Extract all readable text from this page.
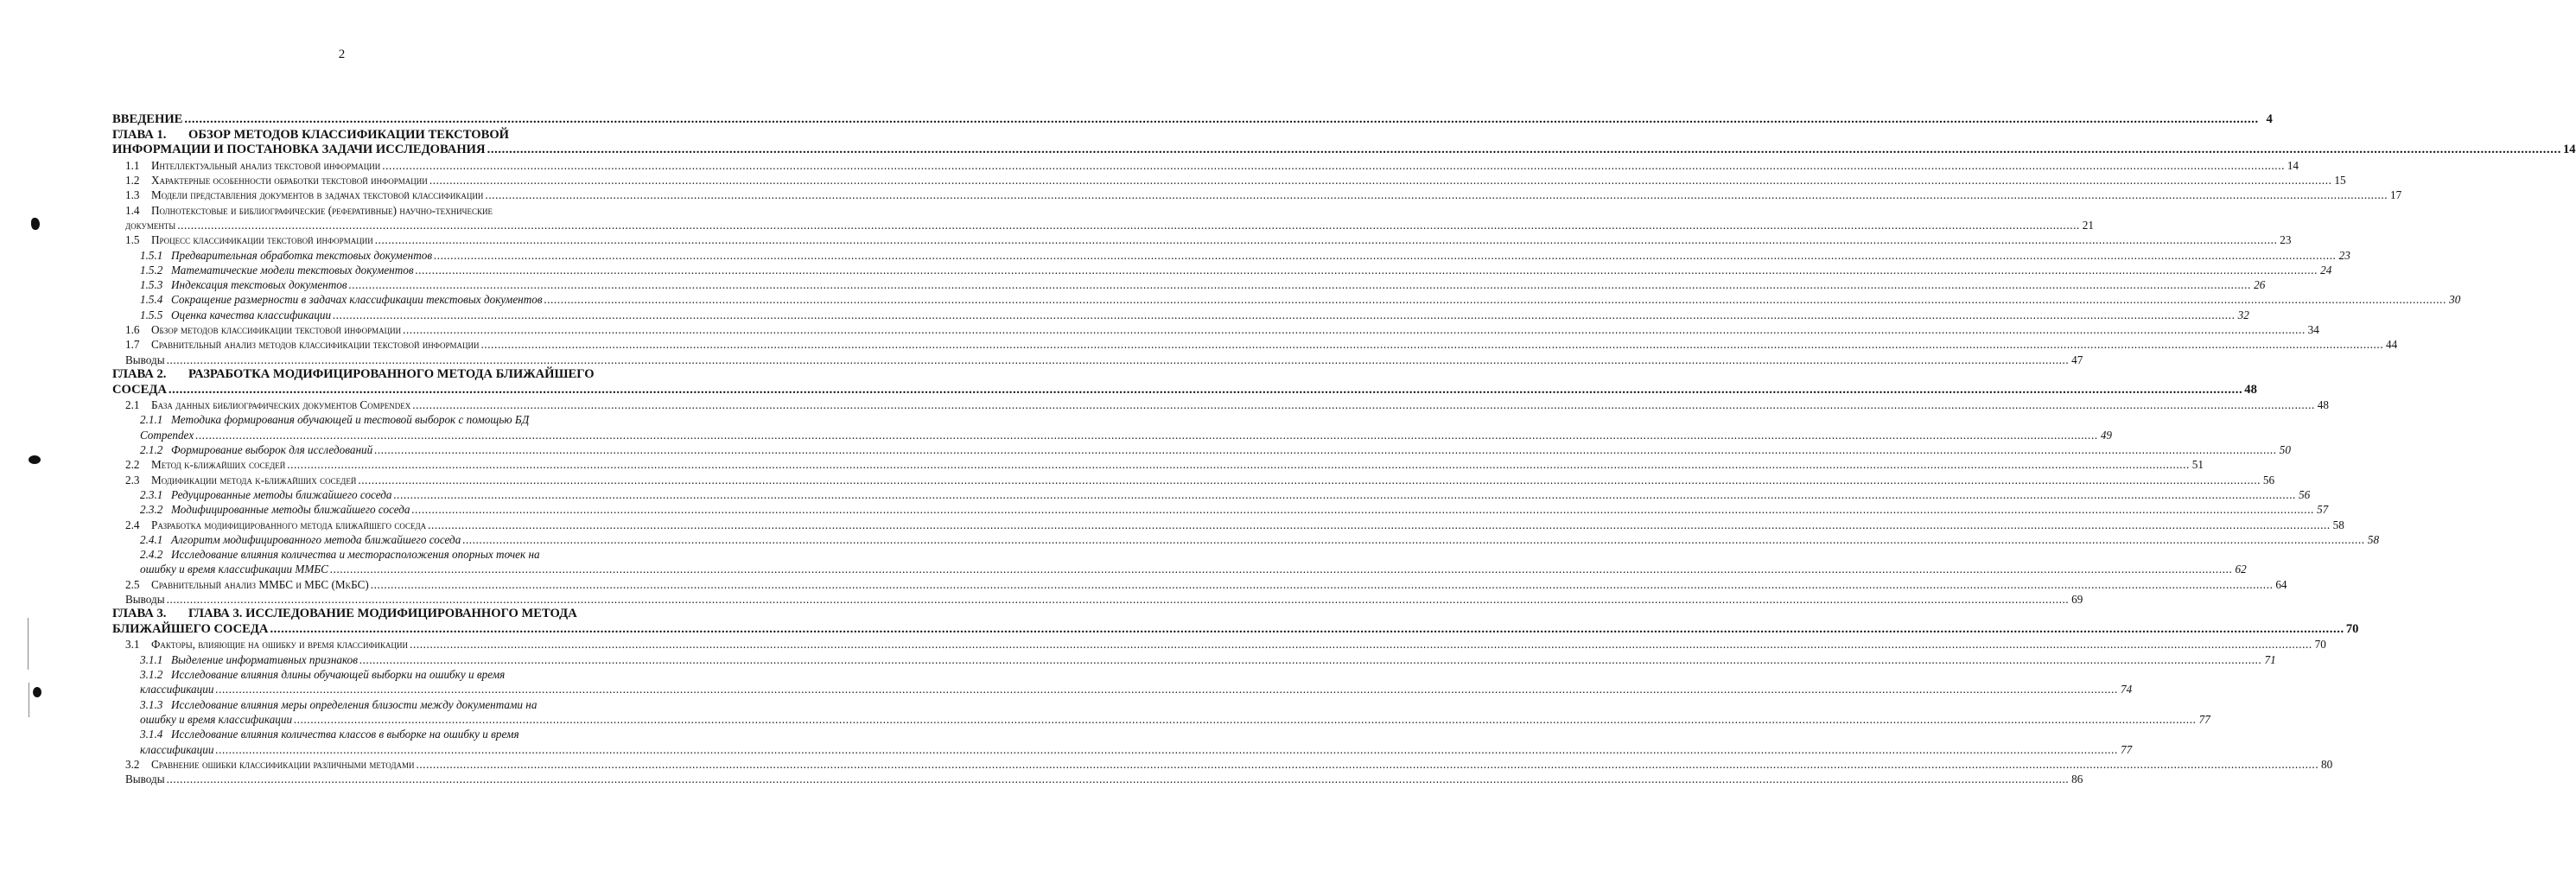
2
ВВЕДЕНИЕ .....	4
ГЛАВА 1. ОБЗОР МЕТОДОВ КЛАССИФИКАЦИИ ТЕКСТОВОЙ
ИНФОРМАЦИИ И ПОСТАНОВКА ЗАДАЧИ ИССЛЕДОВАНИЯ .....	14
1.1 Интеллектуальный анализ текстовой информации .....	14
1.2 Характерные особенности обработки текстовой информации .....	15
1.3 Модели представления документов в задачах текстовой классификации .....	17
1.4 Полнотекстовые и библиографические (реферативные) научно-технические
документы .....	21
1.5 Процесс классификации текстовой информации .....	23
1.5.1 Предварительная обработка текстовых документов .....	23
1.5.2 Математические модели текстовых документов .....	24
1.5.3 Индексация текстовых документов .....	26
1.5.4 Сокращение размерности в задачах классификации текстовых документов .....	30
1.5.5 Оценка качества классификации .....	32
1.6 Обзор методов классификации текстовой информации .....	34
1.7 Сравнительный анализ методов классификации текстовой информации .....	44
Выводы .....	47
ГЛАВА 2. РАЗРАБОТКА МОДИФИЦИРОВАННОГО МЕТОДА БЛИЖАЙШЕГО
СОСЕДА .....	48
2.1 База данных библиографических документов Compendex .....	48
2.1.1 Методика формирования обучающей и тестовой выборок с помощью БД
Compendex .....	49
2.1.2 Формирование выборок для исследований .....	50
2.2 Метод k-ближайших соседей .....	51
2.3 Модификации метода k-ближайших соседей .....	56
2.3.1 Редуцированные методы ближайшего соседа .....	56
2.3.2 Модифицированные методы ближайшего соседа .....	57
2.4 Разработка модифицированного метода ближайшего соседа .....	58
2.4.1 Алгоритм модифицированного метода ближайшего соседа .....	58
2.4.2 Исследование влияния количества и месторасположения опорных точек на
ошибку и время классификации ММБС .....	62
2.5 Сравнительный анализ ММБС и МБС (МkБС) .....	64
Выводы .....	69
ГЛАВА 3. ГЛАВА 3. ИССЛЕДОВАНИЕ МОДИФИЦИРОВАННОГО МЕТОДА
БЛИЖАЙШЕГО СОСЕДА .....	70
3.1 Факторы, влияющие на ошибку и время классификации .....	70
3.1.1 Выделение информативных признаков .....	71
3.1.2 Исследование влияния длины обучающей выборки на ошибку и время
классификации .....	74
3.1.3 Исследование влияния меры определения близости между документами на
ошибку и время классификации .....	77
3.1.4 Исследование влияния количества классов в выборке на ошибку и время
классификации .....	77
3.2 Сравнение ошибки классификации различными методами .....	80
Выводы .....	86
